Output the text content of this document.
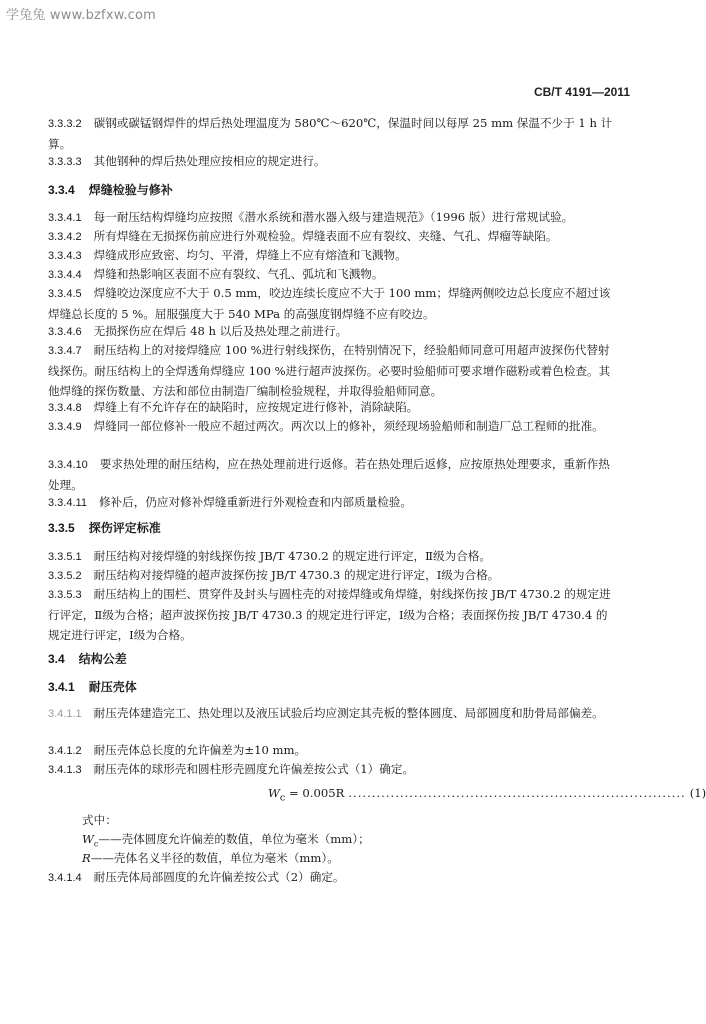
学兔兔 www.bzfxw.com
CB/T 4191—2011
3.3.3.2 碳钢或碳锰钢焊件的焊后热处理温度为 580℃～620℃，保温时间以每厚 25 mm 保温不少于 1 h 计算。
3.3.3.3 其他钢种的焊后热处理应按相应的规定进行。
3.3.4 焊缝检验与修补
3.3.4.1 每一耐压结构焊缝均应按照《潜水系统和潜水器入级与建造规范》（1996 版）进行常规试验。
3.3.4.2 所有焊缝在无损探伤前应进行外观检验。焊缝表面不应有裂纹、夹缝、气孔、焊瘤等缺陷。
3.3.4.3 焊缝成形应致密、均匀、平滑，焊缝上不应有熔渣和飞溅物。
3.3.4.4 焊缝和热影响区表面不应有裂纹、气孔、弧坑和飞溅物。
3.3.4.5 焊缝咬边深度应不大于 0.5 mm，咬边连续长度应不大于 100 mm；焊缝两侧咬边总长度应不超过该焊缝总长度的 5 %。屈服强度大于 540 MPa 的高强度钢焊缝不应有咬边。
3.3.4.6 无损探伤应在焊后 48 h 以后及热处理之前进行。
3.3.4.7 耐压结构上的对接焊缝应 100 %进行射线探伤，在特别情况下，经验船师同意可用超声波探伤代替射线探伤。耐压结构上的全焊透角焊缝应 100 %进行超声波探伤。必要时验船师可要求增作磁粉或着色检查。其他焊缝的探伤数量、方法和部位由制造厂编制检验规程，并取得验船师同意。
3.3.4.8 焊缝上有不允许存在的缺陷时，应按规定进行修补，消除缺陷。
3.3.4.9 焊缝同一部位修补一般应不超过两次。两次以上的修补，须经现场验船师和制造厂总工程师的批准。
3.3.4.10 要求热处理的耐压结构，应在热处理前进行返修。若在热处理后返修，应按原热处理要求，重新作热处理。
3.3.4.11 修补后，仍应对修补焊缝重新进行外观检查和内部质量检验。
3.3.5 探伤评定标准
3.3.5.1 耐压结构对接焊缝的射线探伤按 JB/T 4730.2 的规定进行评定，Ⅱ级为合格。
3.3.5.2 耐压结构对接焊缝的超声波探伤按 JB/T 4730.3 的规定进行评定，Ⅰ级为合格。
3.3.5.3 耐压结构上的围栏、贯穿件及封头与圆柱壳的对接焊缝或角焊缝，射线探伤按 JB/T 4730.2 的规定进行评定，Ⅱ级为合格；超声波探伤按 JB/T 4730.3 的规定进行评定，Ⅰ级为合格；表面探伤按 JB/T 4730.4 的规定进行评定，Ⅰ级为合格。
3.4 结构公差
3.4.1 耐压壳体
3.4.1.1 耐压壳体建造完工、热处理以及液压试验后均应测定其壳板的整体圆度、局部圆度和肋骨局部偏差。
3.4.1.2 耐压壳体总长度的允许偏差为±10 mm。
3.4.1.3 耐压壳体的球形壳和圆柱形壳圆度允许偏差按公式（1）确定。
$W_c = 0.005R$ ........................................................................ (1)
式中：
$W_c——$壳体圆度允许偏差的数值，单位为毫米（mm）；
R——壳体名义半径的数值，单位为毫米（mm）。
3.4.1.4 耐压壳体局部圆度的允许偏差按公式（2）确定。
